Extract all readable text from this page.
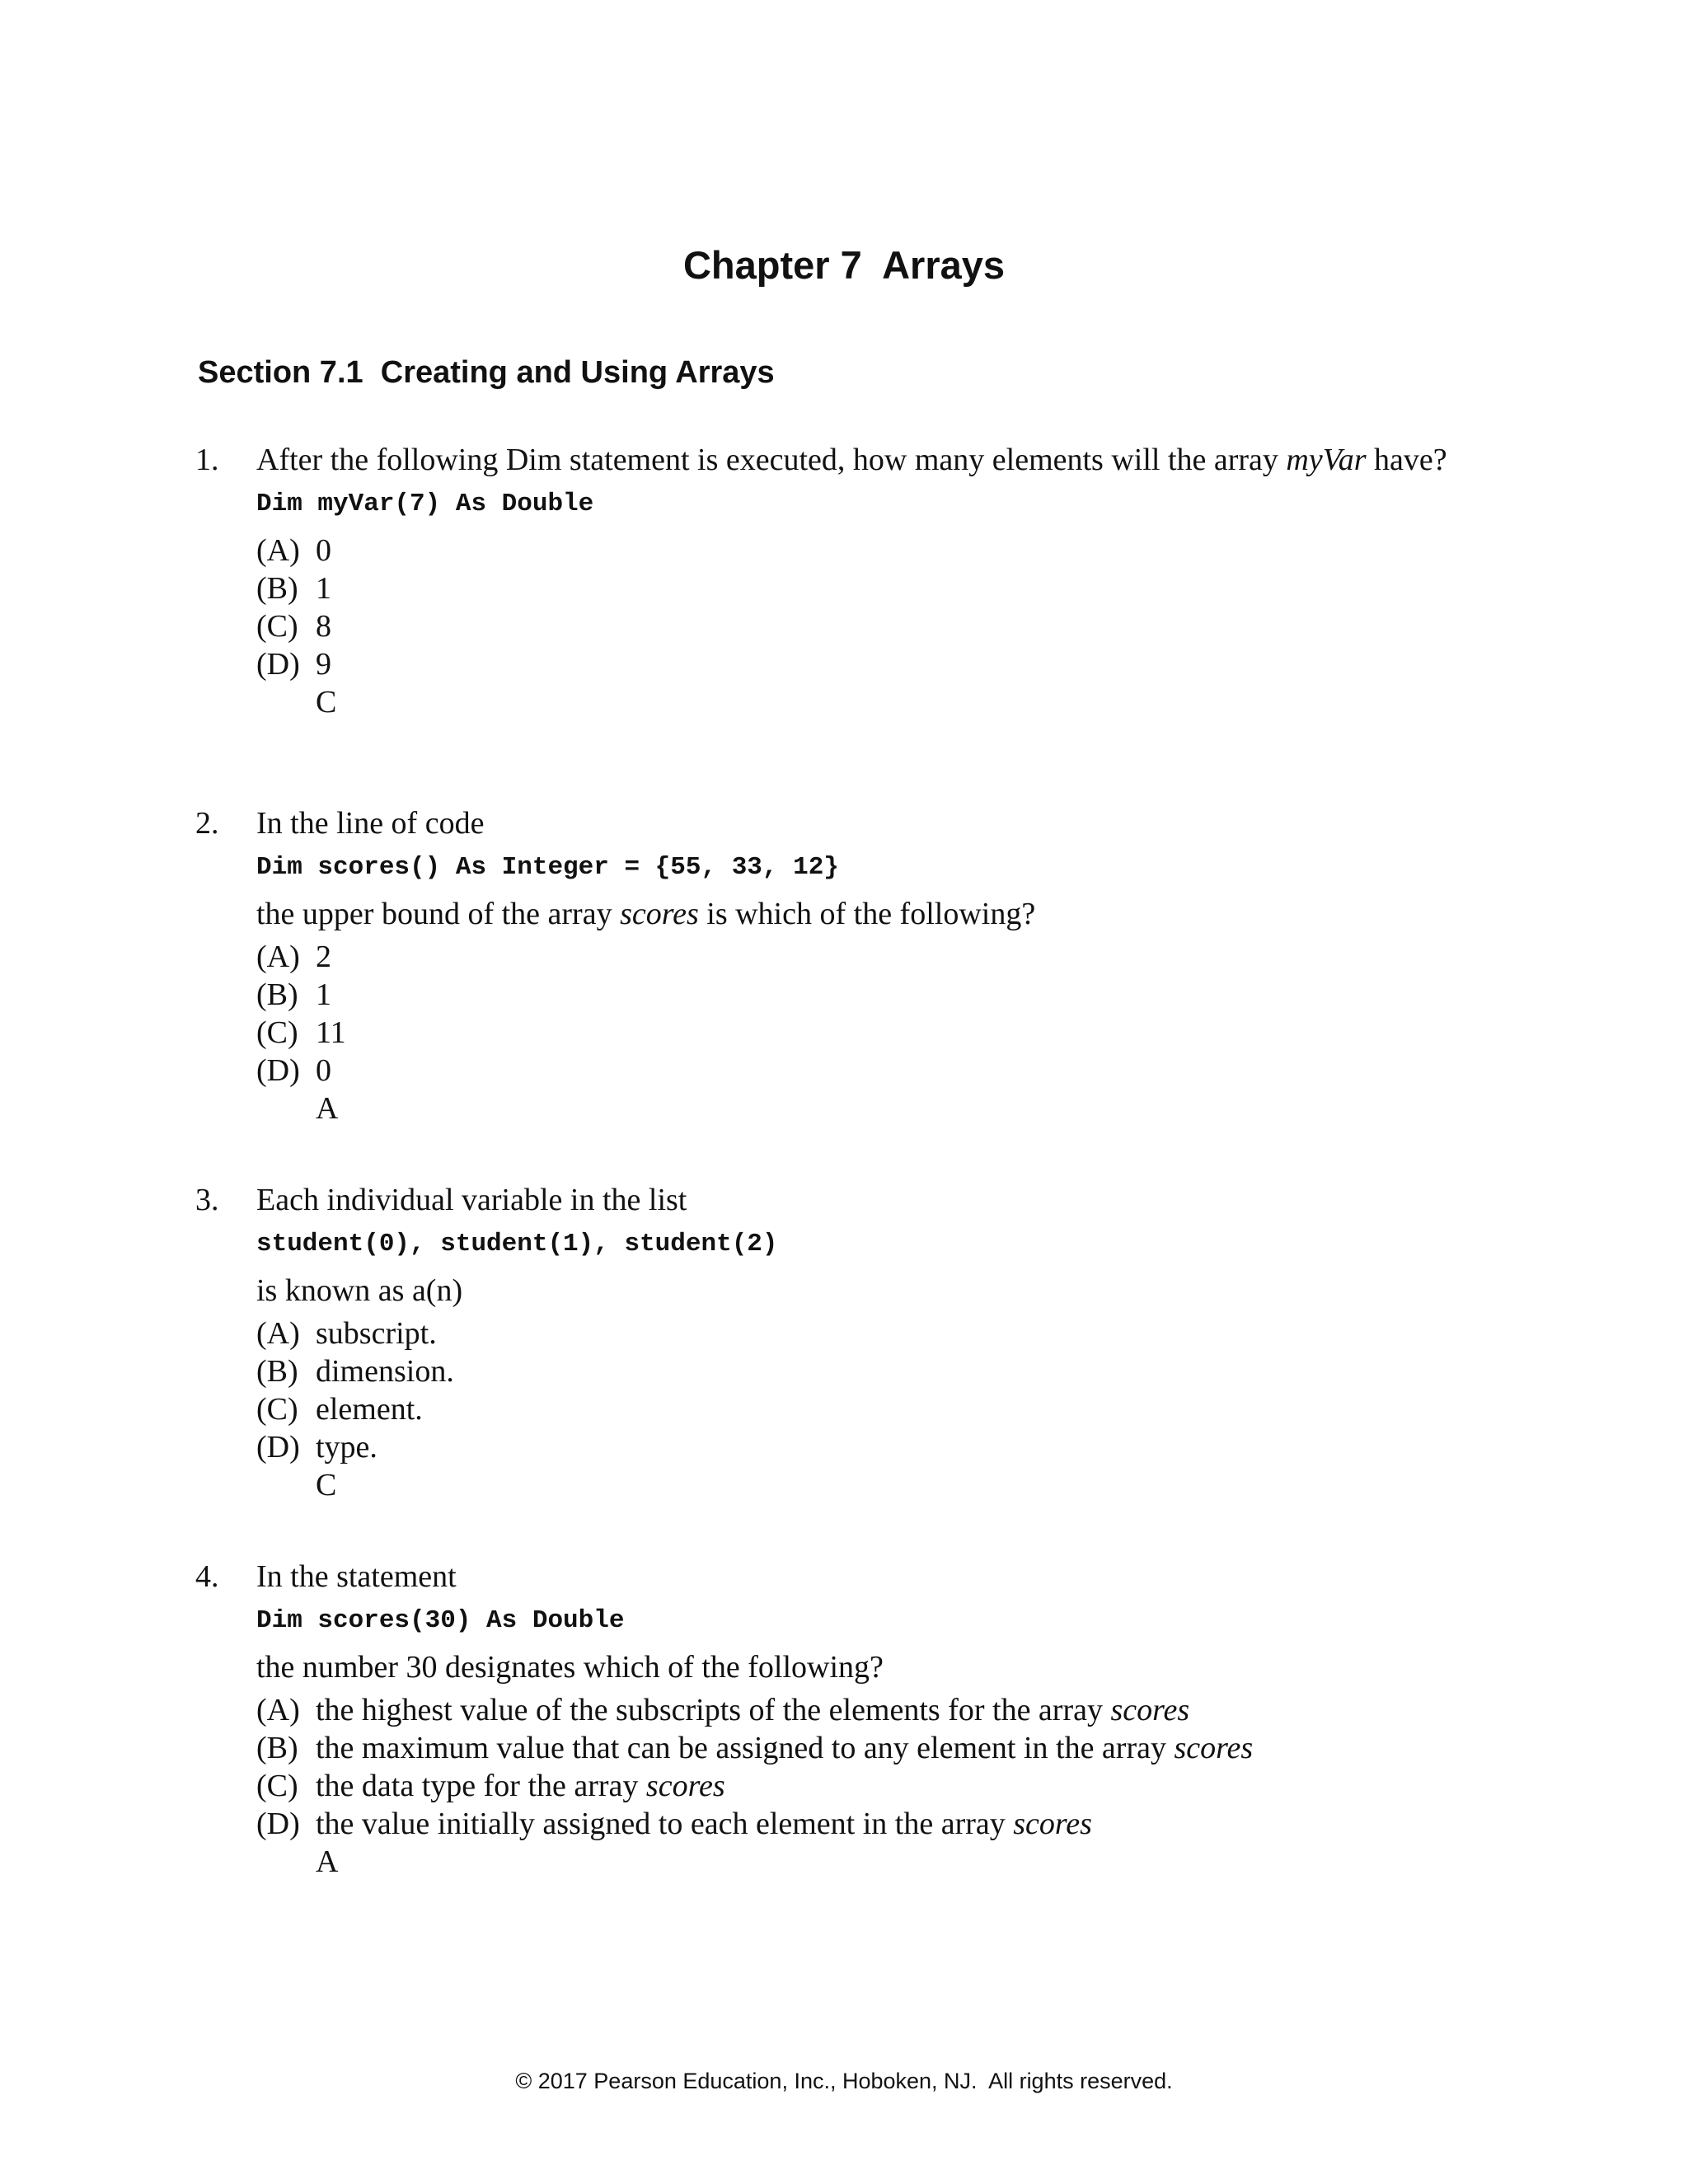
Chapter 7  Arrays
Section 7.1  Creating and Using Arrays
1. After the following Dim statement is executed, how many elements will the array myVar have?

Dim myVar(7) As Double
(A) 0
(B) 1
(C) 8
(D) 9
C
2. In the line of code

Dim scores() As Integer = {55, 33, 12}

the upper bound of the array scores is which of the following?

(A) 2
(B) 1
(C) 11
(D) 0
A
3. Each individual variable in the list

student(0), student(1), student(2)

is known as a(n)

(A) subscript.
(B) dimension.
(C) element.
(D) type.
C
4. In the statement

Dim scores(30) As Double

the number 30 designates which of the following?

(A) the highest value of the subscripts of the elements for the array scores
(B) the maximum value that can be assigned to any element in the array scores
(C) the data type for the array scores
(D) the value initially assigned to each element in the array scores
A
© 2017 Pearson Education, Inc., Hoboken, NJ.  All rights reserved.
